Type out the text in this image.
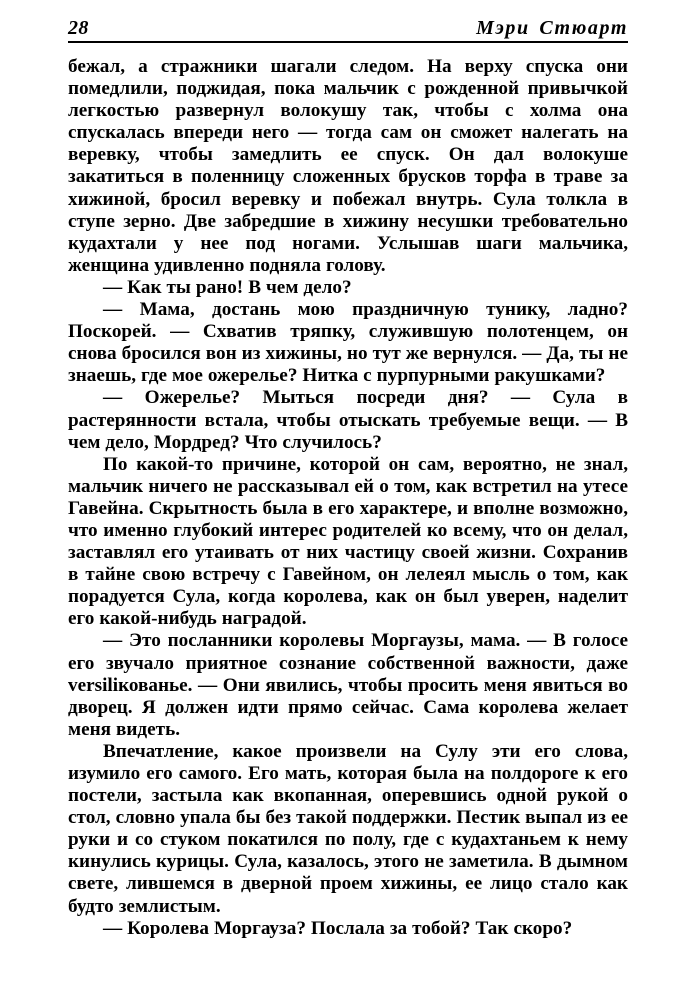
28	Мэри Стюарт

бежал, а стражники шагали следом. На верху спуска они помедлили, поджидая, пока мальчик с рожденной привычкой легкостью развернул волокушу так, чтобы с холма она спускалась впереди него — тогда сам он сможет налегать на веревку, чтобы замедлить ее спуск. Он дал волокуше закатиться в поленницу сложенных брусков торфа в траве за хижиной, бросил веревку и побежал внутрь. Сула толкла в ступе зерно. Две забредшие в хижину несушки требовательно кудахтали у нее под ногами. Услышав шаги мальчика, женщина удивленно подняла голову.

— Как ты рано! В чем дело?

— Мама, достань мою праздничную тунику, ладно? Поскорей. — Схватив тряпку, служившую полотенцем, он снова бросился вон из хижины, но тут же вернулся. — Да, ты не знаешь, где мое ожерелье? Нитка с пурпурными ракушками?

— Ожерелье? Мыться посреди дня? — Сула в растерянности встала, чтобы отыскать требуемые вещи. — В чем дело, Мордред? Что случилось?

По какой-то причине, которой он сам, вероятно, не знал, мальчик ничего не рассказывал ей о том, как встретил на утесе Гавейна. Скрытность была в его характере, и вполне возможно, что именно глубокий интерес родителей ко всему, что он делал, заставлял его утаивать от них частицу своей жизни. Сохранив в тайне свою встречу с Гавейном, он лелеял мысль о том, как порадуется Сула, когда королева, как он был уверен, наделит его какой-нибудь наградой.

— Это посланники королевы Моргаузы, мама. — В голосе его звучало приятное сознание собственной важности, даже versiliковaнье. — Они явились, чтобы просить меня явиться во дворец. Я должен идти прямо сейчас. Сама королева желает меня видеть.

Впечатление, какое произвели на Сулу эти его слова, изумило его самого. Его мать, которая была на полдороге к его постели, застыла как вкопанная, оперевшись одной рукой о стол, словно упала бы без такой поддержки. Пестик выпал из ее руки и со стуком покатился по полу, где с кудахтаньем к нему кинулись курицы. Сула, казалось, этого не заметила. В дымном свете, лившемся в дверной проем хижины, ее лицо стало как будто землистым.

— Королева Моргауза? Послала за тобой? Так скоро?
